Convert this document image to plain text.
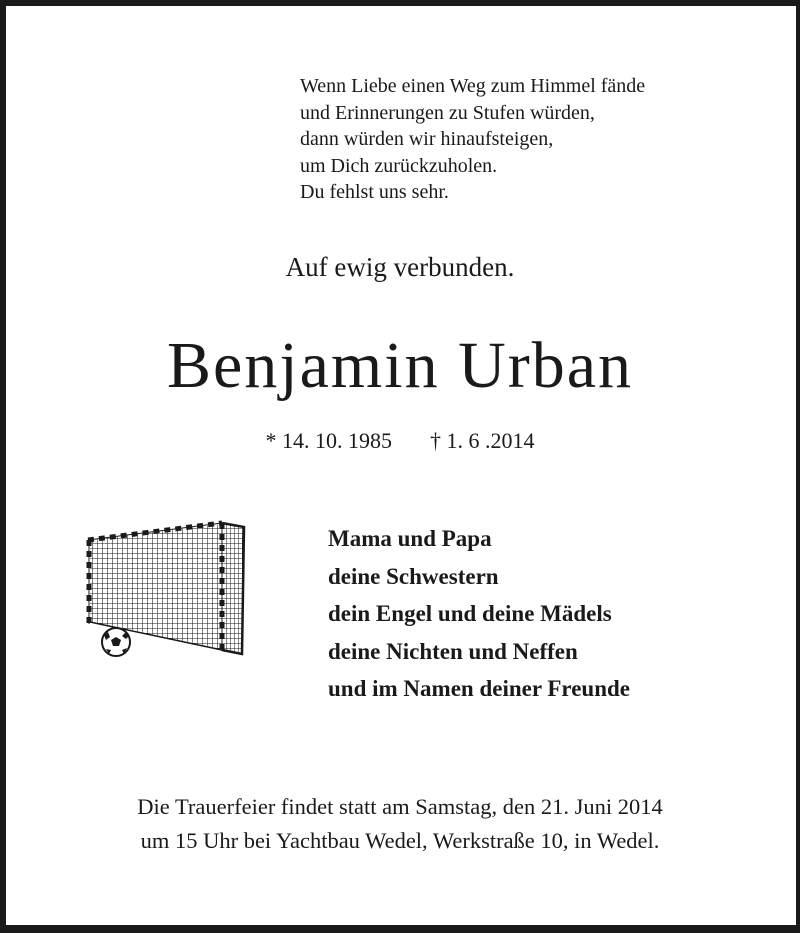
Wenn Liebe einen Weg zum Himmel fände
und Erinnerungen zu Stufen würden,
dann würden wir hinaufsteigen,
um Dich zurückzuholen.
Du fehlst uns sehr.
Auf ewig verbunden.
Benjamin Urban
* 14. 10. 1985 † 1. 6 .2014
Mama und Papa
deine Schwestern
dein Engel und deine Mädels
deine Nichten und Neffen
und im Namen deiner Freunde
Die Trauerfeier findet statt am Samstag, den 21. Juni 2014
um 15 Uhr bei Yachtbau Wedel, Werkstraße 10, in Wedel.
